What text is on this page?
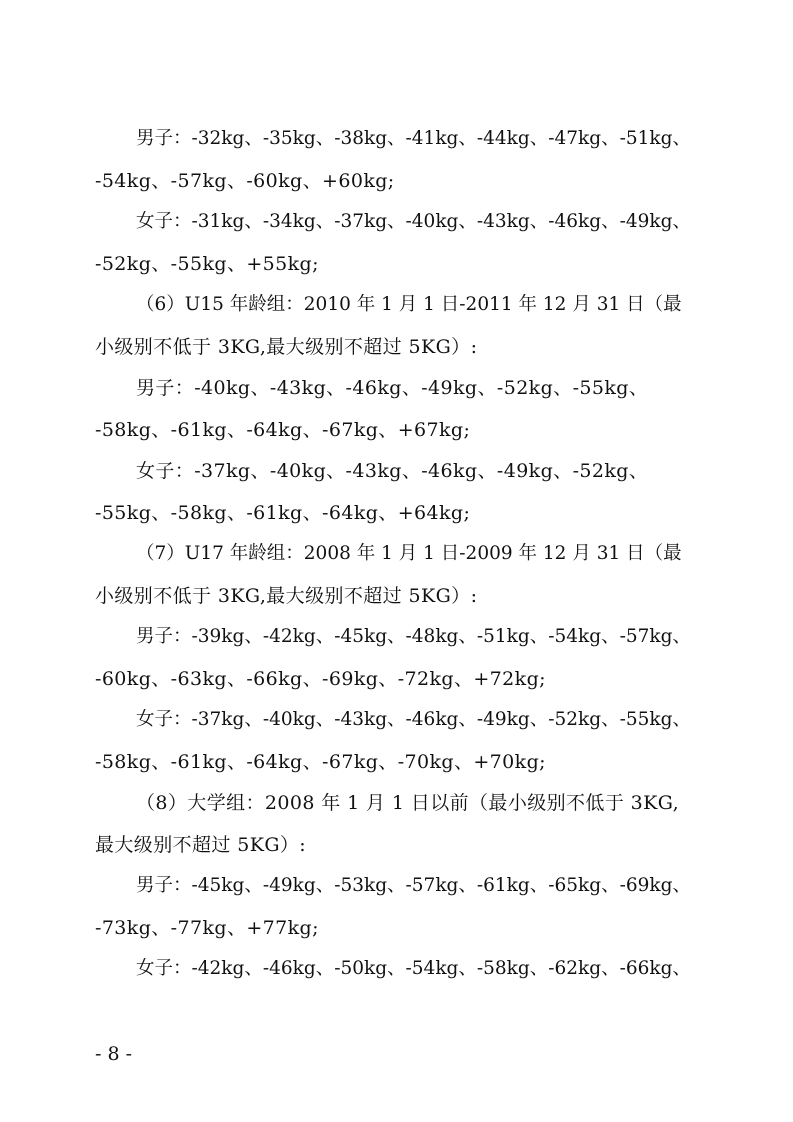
男子：-32kg、-35kg、-38kg、-41kg、-44kg、-47kg、-51kg、
-54kg、-57kg、-60kg、+60kg;
女子：-31kg、-34kg、-37kg、-40kg、-43kg、-46kg、-49kg、
-52kg、-55kg、+55kg;
（6）U15 年龄组：2010 年 1 月 1 日-2011 年 12 月 31 日（最
小级别不低于 3KG,最大级别不超过 5KG）:
男子：-40kg、-43kg、-46kg、-49kg、-52kg、-55kg、
-58kg、-61kg、-64kg、-67kg、+67kg;
女子：-37kg、-40kg、-43kg、-46kg、-49kg、-52kg、
-55kg、-58kg、-61kg、-64kg、+64kg;
（7）U17 年龄组：2008 年 1 月 1 日-2009 年 12 月 31 日（最
小级别不低于 3KG,最大级别不超过 5KG）:
男子：-39kg、-42kg、-45kg、-48kg、-51kg、-54kg、-57kg、
-60kg、-63kg、-66kg、-69kg、-72kg、+72kg;
女子：-37kg、-40kg、-43kg、-46kg、-49kg、-52kg、-55kg、
-58kg、-61kg、-64kg、-67kg、-70kg、+70kg;
（8）大学组：2008 年 1 月 1 日以前（最小级别不低于 3KG,
最大级别不超过 5KG）:
男子：-45kg、-49kg、-53kg、-57kg、-61kg、-65kg、-69kg、
-73kg、-77kg、+77kg;
女子：-42kg、-46kg、-50kg、-54kg、-58kg、-62kg、-66kg、
- 8 -
